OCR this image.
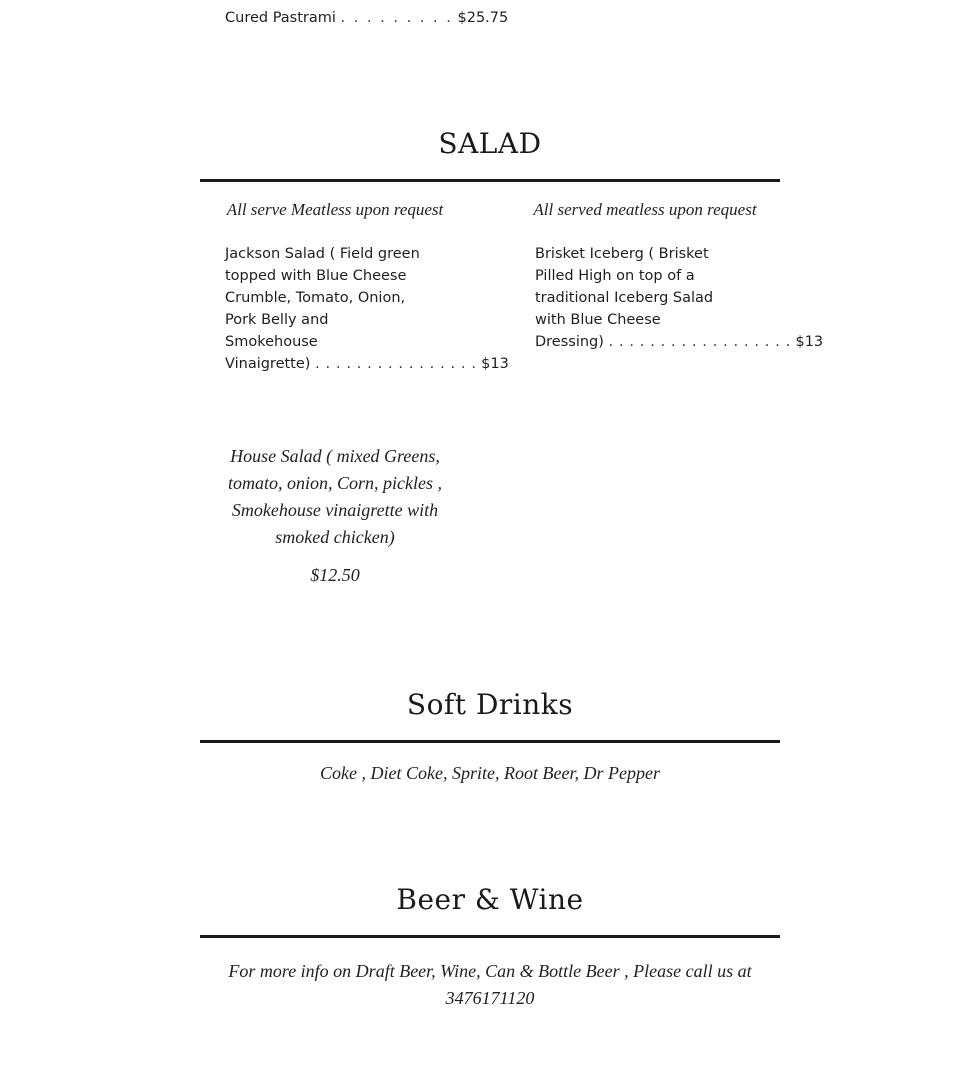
Cured Pastrami . . . . . . . . . $25.75
SALAD
All serve Meatless upon request	All served meatless upon request
Jackson Salad ( Field green
topped with Blue Cheese
Crumble, Tomato, Onion,
Pork Belly and
Smokehouse
Vinaigrette) . . . . . . . . . . . . . . . . $13
Brisket Iceberg ( Brisket
Pilled High on top of a
traditional Iceberg Salad
with Blue Cheese
Dressing) . . . . . . . . . . . . . . . . . . $13
House Salad ( mixed Greens,
tomato, onion, Corn, pickles ,
Smokehouse vinaigrette with
smoked chicken)
$12.50
Soft Drinks
Coke , Diet Coke, Sprite, Root Beer, Dr Pepper
Beer & Wine
For more info on Draft Beer, Wine, Can & Bottle Beer , Please call us at
3476171120
